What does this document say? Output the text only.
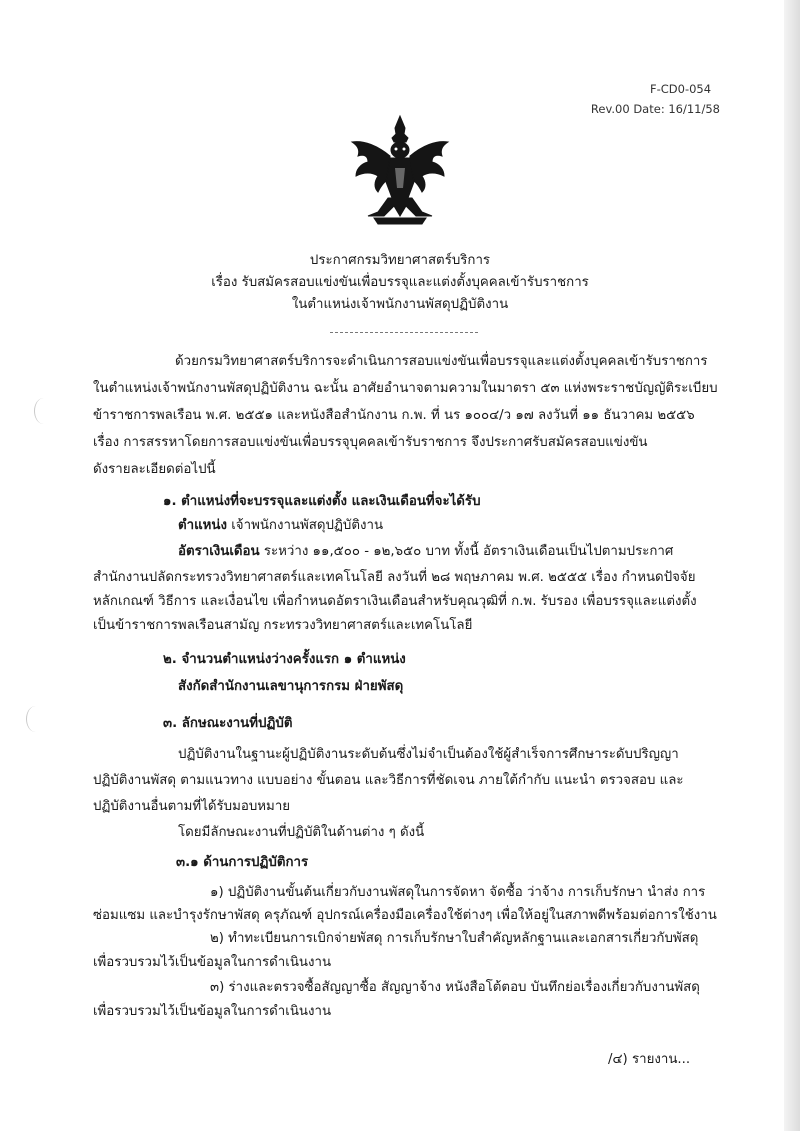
F-CD0-054
Rev.00 Date: 16/11/58
ประกาศกรมวิทยาศาสตร์บริการ
เรื่อง รับสมัครสอบแข่งขันเพื่อบรรจุและแต่งตั้งบุคคลเข้ารับราชการ
ในตำแหน่งเจ้าพนักงานพัสดุปฏิบัติงาน
ด้วยกรมวิทยาศาสตร์บริการจะดำเนินการสอบแข่งขันเพื่อบรรจุและแต่งตั้งบุคคลเข้ารับราชการ
ในตำแหน่งเจ้าพนักงานพัสดุปฏิบัติงาน ฉะนั้น อาศัยอำนาจตามความในมาตรา ๕๓ แห่งพระราชบัญญัติระเบียบ
ข้าราชการพลเรือน พ.ศ. ๒๕๕๑ และหนังสือสำนักงาน ก.พ. ที่ นร ๑๐๐๔/ว ๑๗ ลงวันที่ ๑๑ ธันวาคม ๒๕๕๖
เรื่อง การสรรหาโดยการสอบแข่งขันเพื่อบรรจุบุคคลเข้ารับราชการ จึงประกาศรับสมัครสอบแข่งขัน
ดังรายละเอียดต่อไปนี้
๑. ตำแหน่งที่จะบรรจุและแต่งตั้ง และเงินเดือนที่จะได้รับ
ตำแหน่ง เจ้าพนักงานพัสดุปฏิบัติงาน
อัตราเงินเดือน ระหว่าง ๑๑,๕๐๐ - ๑๒,๖๕๐ บาท ทั้งนี้ อัตราเงินเดือนเป็นไปตามประกาศ
สำนักงานปลัดกระทรวงวิทยาศาสตร์และเทคโนโลยี ลงวันที่ ๒๘ พฤษภาคม พ.ศ. ๒๕๕๕ เรื่อง กำหนดปัจจัย
หลักเกณฑ์ วิธีการ และเงื่อนไข เพื่อกำหนดอัตราเงินเดือนสำหรับคุณวุฒิที่ ก.พ. รับรอง เพื่อบรรจุและแต่งตั้ง
เป็นข้าราชการพลเรือนสามัญ กระทรวงวิทยาศาสตร์และเทคโนโลยี
๒. จำนวนตำแหน่งว่างครั้งแรก ๑ ตำแหน่ง
สังกัดสำนักงานเลขานุการกรม ฝ่ายพัสดุ
๓. ลักษณะงานที่ปฏิบัติ
ปฏิบัติงานในฐานะผู้ปฏิบัติงานระดับต้นซึ่งไม่จำเป็นต้องใช้ผู้สำเร็จการศึกษาระดับปริญญา
ปฏิบัติงานพัสดุ ตามแนวทาง แบบอย่าง ขั้นตอน และวิธีการที่ชัดเจน ภายใต้กำกับ แนะนำ ตรวจสอบ และ
ปฏิบัติงานอื่นตามที่ได้รับมอบหมาย
โดยมีลักษณะงานที่ปฏิบัติในด้านต่าง ๆ ดังนี้
๓.๑ ด้านการปฏิบัติการ
๑) ปฏิบัติงานขั้นต้นเกี่ยวกับงานพัสดุในการจัดหา จัดซื้อ ว่าจ้าง การเก็บรักษา นำส่ง การ
ซ่อมแซม และบำรุงรักษาพัสดุ ครุภัณฑ์ อุปกรณ์เครื่องมือเครื่องใช้ต่างๆ เพื่อให้อยู่ในสภาพดีพร้อมต่อการใช้งาน
๒) ทำทะเบียนการเบิกจ่ายพัสดุ การเก็บรักษาใบสำคัญหลักฐานและเอกสารเกี่ยวกับพัสดุ
เพื่อรวบรวมไว้เป็นข้อมูลในการดำเนินงาน
๓) ร่างและตรวจซื้อสัญญาซื้อ สัญญาจ้าง หนังสือโต้ตอบ บันทึกย่อเรื่องเกี่ยวกับงานพัสดุ
เพื่อรวบรวมไว้เป็นข้อมูลในการดำเนินงาน
/๔) รายงาน...
